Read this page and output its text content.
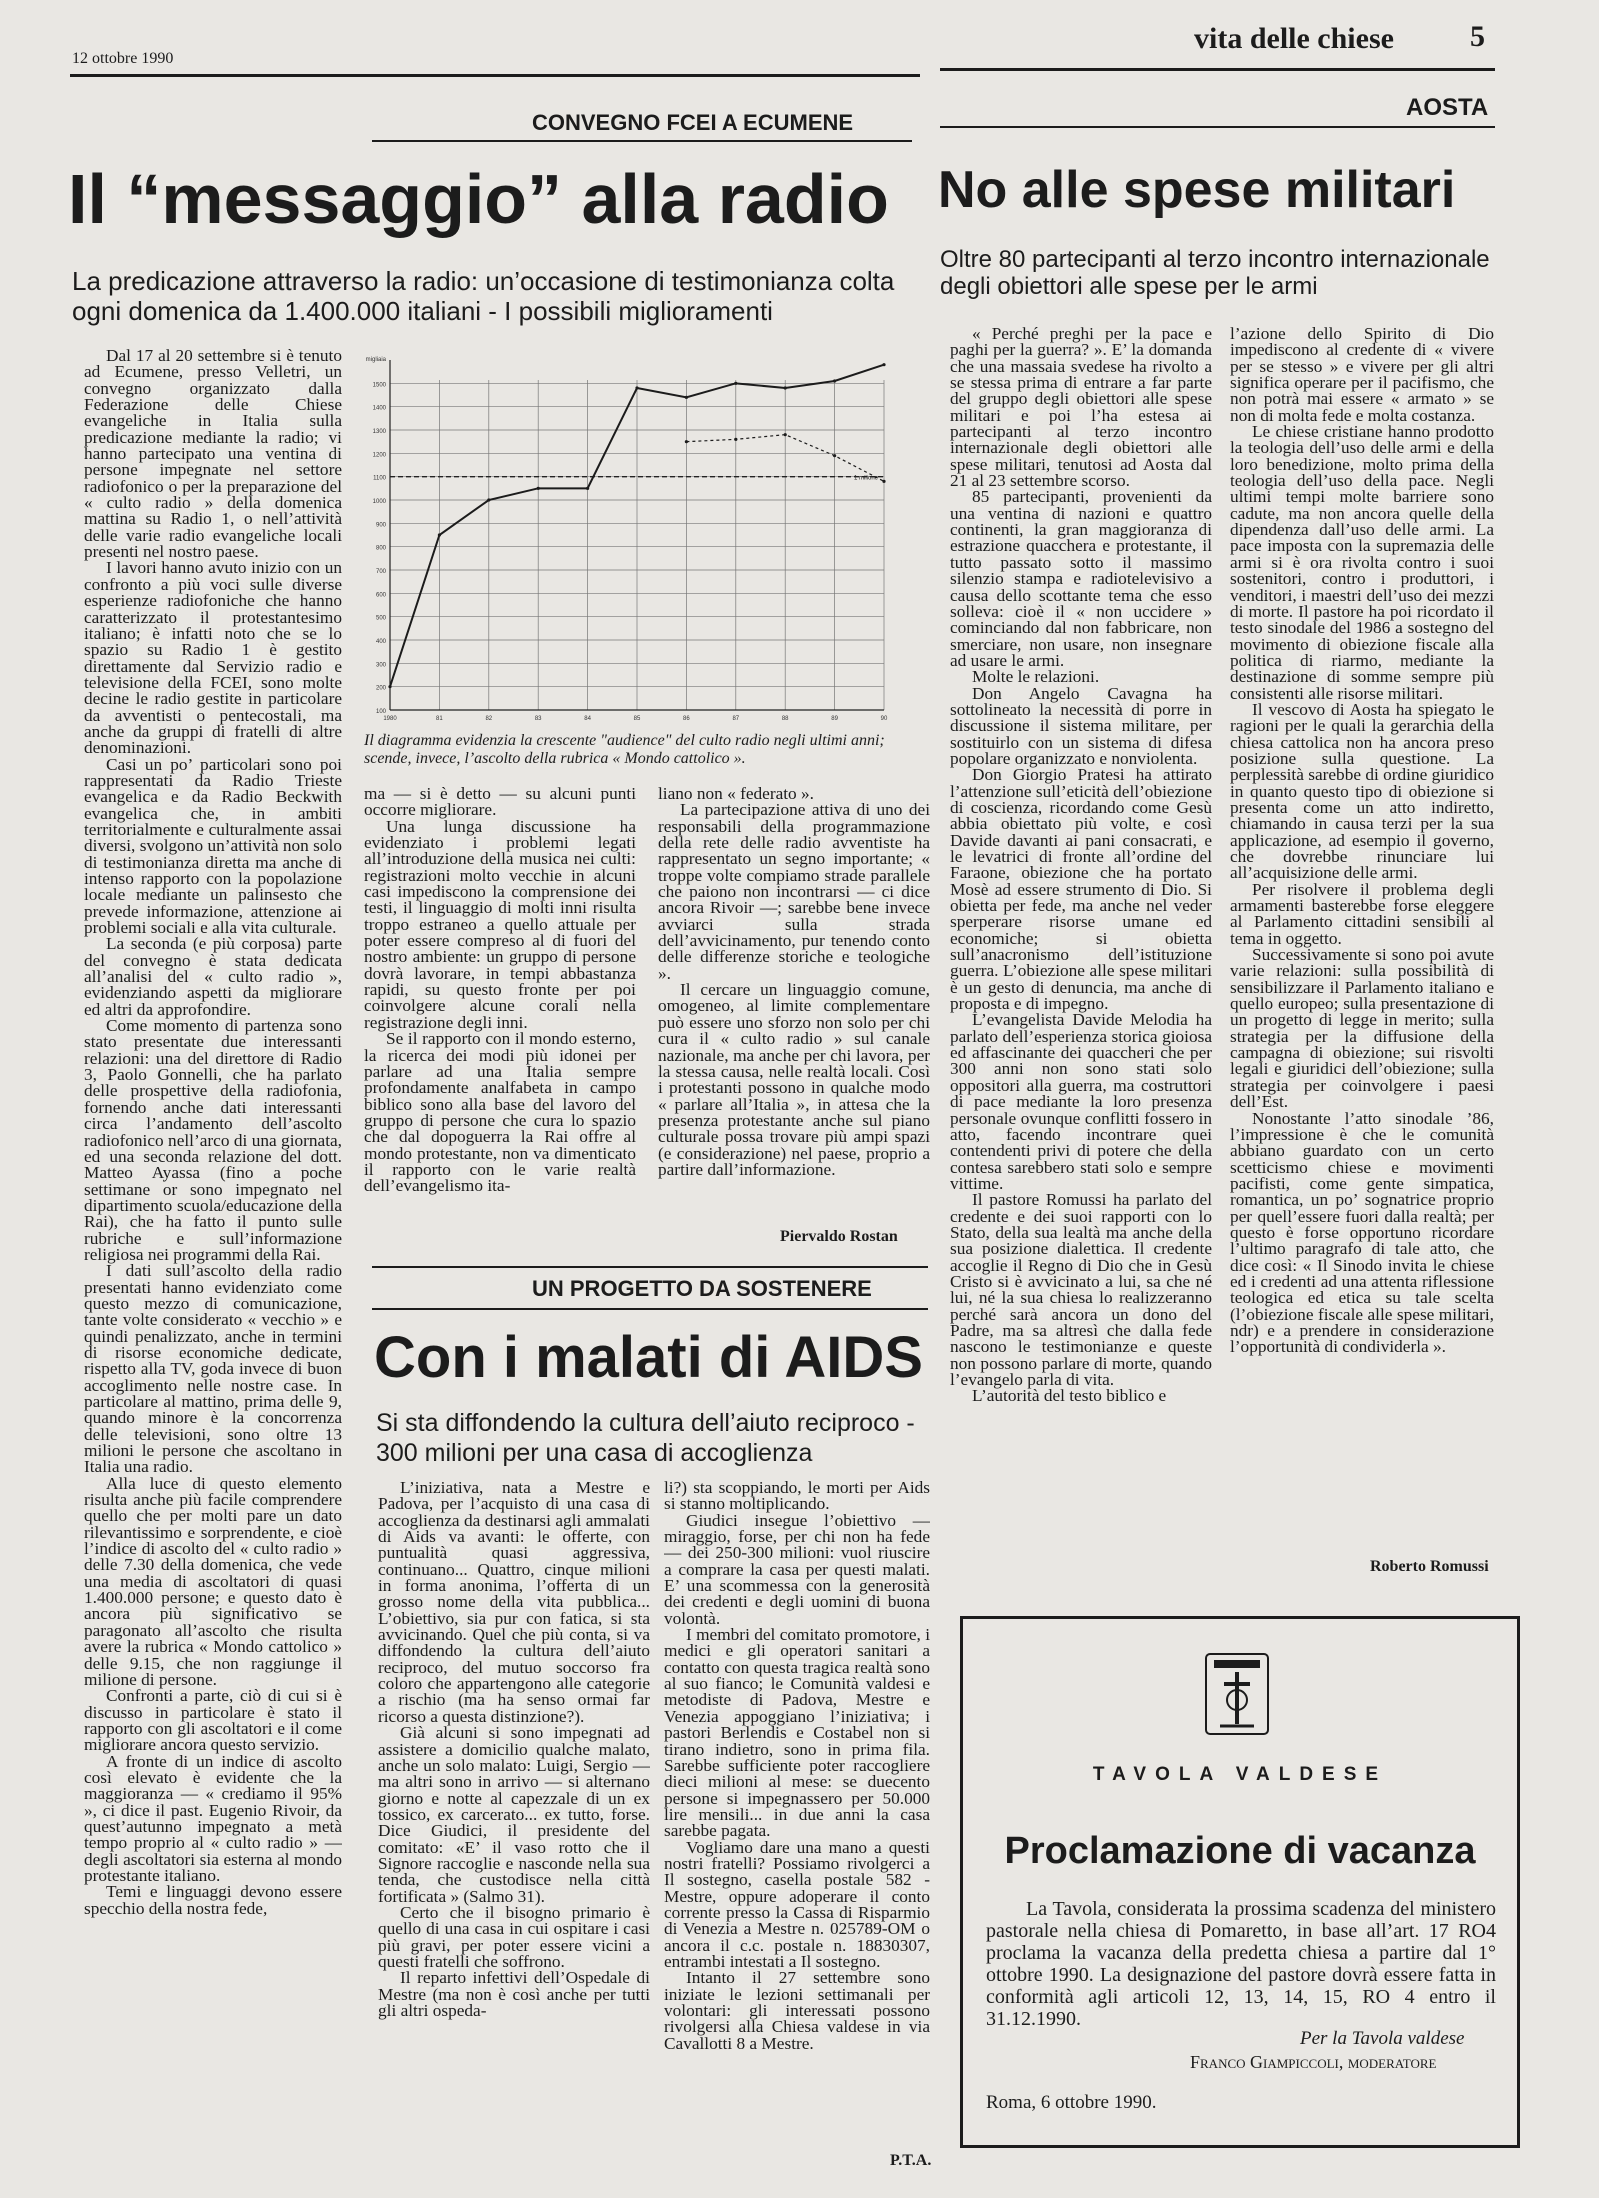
12 ottobre 1990
vita delle chiese	5
CONVEGNO FCEI A ECUMENE
Il “messaggio” alla radio
La predicazione attraverso la radio: un’occasione di testimonianza colta ogni domenica da 1.400.000 italiani - I possibili miglioramenti

Dal 17 al 20 settembre si è tenuto ad Ecumene, presso Velletri, un convegno organizzato dalla Federazione delle Chiese evangeliche in Italia sulla predicazione mediante la radio; vi hanno partecipato una ventina di persone impegnate nel settore radiofonico o per la preparazione del « culto radio » della domenica mattina su Radio 1, o nell’attività delle varie radio evangeliche locali presenti nel nostro paese.

I lavori hanno avuto inizio con un confronto a più voci sulle diverse esperienze radiofoniche che hanno caratterizzato il protestantesimo italiano; è infatti noto che se lo spazio su Radio 1 è gestito direttamente dal Servizio radio e televisione della FCEI, sono molte decine le radio gestite in particolare da avventisti o pentecostali, ma anche da gruppi di fratelli di altre denominazioni.

Casi un po’ particolari sono poi rappresentati da Radio Trieste evangelica e da Radio Beckwith evangelica che, in ambiti territorialmente e culturalmente assai diversi, svolgono un’attività non solo di testimonianza diretta ma anche di intenso rapporto con la popolazione locale mediante un palinsesto che prevede informazione, attenzione ai problemi sociali e alla vita culturale.

La seconda (e più corposa) parte del convegno è stata dedicata all’analisi del « culto radio », evidenziando aspetti da migliorare ed altri da approfondire.

Come momento di partenza sono stato presentate due interessanti relazioni: una del direttore di Radio 3, Paolo Gonnelli, che ha parlato delle prospettive della radiofonia, fornendo anche dati interessanti circa l’andamento dell’ascolto radiofonico nell’arco di una giornata, ed una seconda relazione del dott. Matteo Ayassa (fino a poche settimane or sono impegnato nel dipartimento scuola/educazione della Rai), che ha fatto il punto sulle rubriche e sull’informazione religiosa nei programmi della Rai.

I dati sull’ascolto della radio presentati hanno evidenziato come questo mezzo di comunicazione, tante volte considerato « vecchio » e quindi penalizzato, anche in termini di risorse economiche dedicate, rispetto alla TV, goda invece di buon accoglimento nelle nostre case. In particolare al mattino, prima delle 9, quando minore è la concorrenza delle televisioni, sono oltre 13 milioni le persone che ascoltano in Italia una radio.

Alla luce di questo elemento risulta anche più facile comprendere quello che per molti pare un dato rilevantissimo e sorprendente, e cioè l’indice di ascolto del « culto radio » delle 7.30 della domenica, che vede una media di ascoltatori di quasi 1.400.000 persone; e questo dato è ancora più significativo se paragonato all’ascolto che risulta avere la rubrica « Mondo cattolico » delle 9.15, che non raggiunge il milione di persone.

Confronti a parte, ciò di cui si è discusso in particolare è stato il rapporto con gli ascoltatori e il come migliorare ancora questo servizio.

A fronte di un indice di ascolto così elevato è evidente che la maggioranza — « crediamo il 95% », ci dice il past. Eugenio Rivoir, da quest’autunno impegnato a metà tempo proprio al « culto radio » — degli ascoltatori sia esterna al mondo protestante italiano.

Temi e linguaggi devono essere specchio della nostra fede,

migliaia
1500
1400
1300
1200
1100
1000
900
800
700
600
500
400
300
200
100
1980	81	82	83	84	85	86	87	88	89	90
1 milione
Il diagramma evidenzia la crescente "audience" del culto radio negli ultimi anni; scende, invece, l’ascolto della rubrica « Mondo cattolico ».

ma — si è detto — su alcuni punti occorre migliorare.

Una lunga discussione ha evidenziato i problemi legati all’introduzione della musica nei culti: registrazioni molto vecchie in alcuni casi impediscono la comprensione dei testi, il linguaggio di molti inni risulta troppo estraneo a quello attuale per poter essere compreso al di fuori del nostro ambiente: un gruppo di persone dovrà lavorare, in tempi abbastanza rapidi, su questo fronte per poi coinvolgere alcune corali nella registrazione degli inni.

Se il rapporto con il mondo esterno, la ricerca dei modi più idonei per parlare ad una Italia sempre profondamente analfabeta in campo biblico sono alla base del lavoro del gruppo di persone che cura lo spazio che dal dopoguerra la Rai offre al mondo protestante, non va dimenticato il rapporto con le varie realtà dell’evangelismo ita-

liano non « federato ».

La partecipazione attiva di uno dei responsabili della programmazione della rete delle radio avventiste ha rappresentato un segno importante; « troppe volte compiamo strade parallele che paiono non incontrarsi — ci dice ancora Rivoir —; sarebbe bene invece avviarci sulla strada dell’avvicinamento, pur tenendo conto delle differenze storiche e teologiche ».

Il cercare un linguaggio comune, omogeneo, al limite complementare può essere uno sforzo non solo per chi cura il « culto radio » sul canale nazionale, ma anche per chi lavora, per la stessa causa, nelle realtà locali. Così i protestanti possono in qualche modo « parlare all’Italia », in attesa che la presenza protestante anche sul piano culturale possa trovare più ampi spazi (e considerazione) nel paese, proprio a partire dall’informazione.

Piervaldo Rostan
UN PROGETTO DA SOSTENERE
Con i malati di AIDS
Si sta diffondendo la cultura dell’aiuto reciproco - 300 milioni per una casa di accoglienza

L’iniziativa, nata a Mestre e Padova, per l’acquisto di una casa di accoglienza da destinarsi agli ammalati di Aids va avanti: le offerte, con puntualità quasi aggressiva, continuano... Quattro, cinque milioni in forma anonima, l’offerta di un grosso nome della vita pubblica... L’obiettivo, sia pur con fatica, si sta avvicinando. Quel che più conta, si va diffondendo la cultura dell’aiuto reciproco, del mutuo soccorso fra coloro che appartengono alle categorie a rischio (ma ha senso ormai far ricorso a questa distinzione?).

Già alcuni si sono impegnati ad assistere a domicilio qualche malato, anche un solo malato: Luigi, Sergio — ma altri sono in arrivo — si alternano giorno e notte al capezzale di un ex tossico, ex carcerato... ex tutto, forse. Dice Giudici, il presidente del comitato: «E’ il vaso rotto che il Signore raccoglie e nasconde nella sua tenda, che custodisce nella città fortificata » (Salmo 31).

Certo che il bisogno primario è quello di una casa in cui ospitare i casi più gravi, per poter essere vicini a questi fratelli che soffrono.

Il reparto infettivi dell’Ospedale di Mestre (ma non è così anche per tutti gli altri ospeda-

li?) sta scoppiando, le morti per Aids si stanno moltiplicando.

Giudici insegue l’obiettivo — miraggio, forse, per chi non ha fede — dei 250-300 milioni: vuol riuscire a comprare la casa per questi malati. E’ una scommessa con la generosità dei credenti e degli uomini di buona volontà.

I membri del comitato promotore, i medici e gli operatori sanitari a contatto con questa tragica realtà sono al suo fianco; le Comunità valdesi e metodiste di Padova, Mestre e Venezia appoggiano l’iniziativa; i pastori Berlendis e Costabel non si tirano indietro, sono in prima fila. Sarebbe sufficiente poter raccogliere dieci milioni al mese: se duecento persone si impegnassero per 50.000 lire mensili... in due anni la casa sarebbe pagata.

Vogliamo dare una mano a questi nostri fratelli? Possiamo rivolgerci a Il sostegno, casella postale 582 - Mestre, oppure adoperare il conto corrente presso la Cassa di Risparmio di Venezia a Mestre n. 025789-OM o ancora il c.c. postale n. 18830307, entrambi intestati a Il sostegno.

Intanto il 27 settembre sono iniziate le lezioni settimanali per volontari: gli interessati possono rivolgersi alla Chiesa valdese in via Cavallotti 8 a Mestre.

P.T.A.
AOSTA
No alle spese militari
Oltre 80 partecipanti al terzo incontro internazionale degli obiettori alle spese per le armi

« Perché preghi per la pace e paghi per la guerra? ». E’ la domanda che una massaia svedese ha rivolto a se stessa prima di entrare a far parte del gruppo degli obiettori alle spese militari e poi l’ha estesa ai partecipanti al terzo incontro internazionale degli obiettori alle spese militari, tenutosi ad Aosta dal 21 al 23 settembre scorso.

85 partecipanti, provenienti da una ventina di nazioni e quattro continenti, la gran maggioranza di estrazione quacchera e protestante, il tutto passato sotto il massimo silenzio stampa e radiotelevisivo a causa dello scottante tema che esso solleva: cioè il « non uccidere » cominciando dal non fabbricare, non smerciare, non usare, non insegnare ad usare le armi.

Molte le relazioni.

Don Angelo Cavagna ha sottolineato la necessità di porre in discussione il sistema militare, per sostituirlo con un sistema di difesa popolare organizzato e nonviolenta.

Don Giorgio Pratesi ha attirato l’attenzione sull’eticità dell’obiezione di coscienza, ricordando come Gesù abbia obiettato più volte, e così Davide davanti ai pani consacrati, e le levatrici di fronte all’ordine del Faraone, obiezione che ha portato Mosè ad essere strumento di Dio. Si obietta per fede, ma anche nel veder sperperare risorse umane ed economiche; si obietta sull’anacronismo dell’istituzione guerra. L’obiezione alle spese militari è un gesto di denuncia, ma anche di proposta e di impegno.

L’evangelista Davide Melodia ha parlato dell’esperienza storica gioiosa ed affascinante dei quaccheri che per 300 anni non sono stati solo oppositori alla guerra, ma costruttori di pace mediante la loro presenza personale ovunque conflitti fossero in atto, facendo incontrare quei contendenti privi di potere che della contesa sarebbero stati solo e sempre vittime.

Il pastore Romussi ha parlato del credente e dei suoi rapporti con lo Stato, della sua lealtà ma anche della sua posizione dialettica. Il credente accoglie il Regno di Dio che in Gesù Cristo si è avvicinato a lui, sa che né lui, né la sua chiesa lo realizzeranno perché sarà ancora un dono del Padre, ma sa altresì che dalla fede nascono le testimonianze e queste non possono parlare di morte, quando l’evangelo parla di vita.

L’autorità del testo biblico e

l’azione dello Spirito di Dio impediscono al credente di « vivere per se stesso » e vivere per gli altri significa operare per il pacifismo, che non potrà mai essere « armato » se non di molta fede e molta costanza.

Le chiese cristiane hanno prodotto la teologia dell’uso delle armi e della loro benedizione, molto prima della teologia dell’uso della pace. Negli ultimi tempi molte barriere sono cadute, ma non ancora quelle della dipendenza dall’uso delle armi. La pace imposta con la supremazia delle armi si è ora rivolta contro i suoi sostenitori, contro i produttori, i venditori, i maestri dell’uso dei mezzi di morte. Il pastore ha poi ricordato il testo sinodale del 1986 a sostegno del movimento di obiezione fiscale alla politica di riarmo, mediante la destinazione di somme sempre più consistenti alle risorse militari.

Il vescovo di Aosta ha spiegato le ragioni per le quali la gerarchia della chiesa cattolica non ha ancora preso posizione sulla questione. La perplessità sarebbe di ordine giuridico in quanto questo tipo di obiezione si presenta come un atto indiretto, chiamando in causa terzi per la sua applicazione, ad esempio il governo, che dovrebbe rinunciare lui all’acquisizione delle armi.

Per risolvere il problema degli armamenti basterebbe forse eleggere al Parlamento cittadini sensibili al tema in oggetto.

Successivamente si sono poi avute varie relazioni: sulla possibilità di sensibilizzare il Parlamento italiano e quello europeo; sulla presentazione di un progetto di legge in merito; sulla strategia per la diffusione della campagna di obiezione; sui risvolti legali e giuridici dell’obiezione; sulla strategia per coinvolgere i paesi dell’Est.

Nonostante l’atto sinodale ’86, l’impressione è che le comunità abbiano guardato con un certo scetticismo chiese e movimenti pacifisti, come gente simpatica, romantica, un po’ sognatrice proprio per quell’essere fuori dalla realtà; per questo è forse opportuno ricordare l’ultimo paragrafo di tale atto, che dice così: « Il Sinodo invita le chiese ed i credenti ad una attenta riflessione teologica ed etica su tale scelta (l’obiezione fiscale alle spese militari, ndr) e a prendere in considerazione l’opportunità di condividerla ».

Roberto Romussi
TAVOLA VALDESE
Proclamazione di vacanza
La Tavola, considerata la prossima scadenza del ministero pastorale nella chiesa di Pomaretto, in base all’art. 17 RO4 proclama la vacanza della predetta chiesa a partire dal 1° ottobre 1990. La designazione del pastore dovrà essere fatta in conformità agli articoli 12, 13, 14, 15, RO 4 entro il 31.12.1990.
Per la Tavola valdese
Franco Giampiccoli, moderatore
Roma, 6 ottobre 1990.
